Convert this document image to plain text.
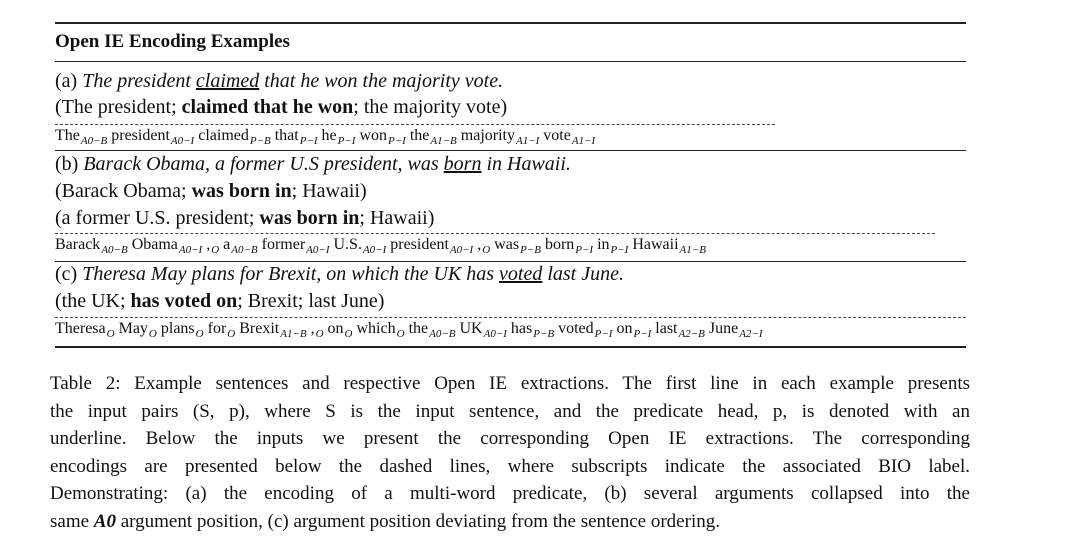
Open IE Encoding Examples
(a) The president claimed that he won the majority vote.
(The president; claimed that he won; the majority vote)
The$_{A0-B}$ president$_{A0-I}$ claimed$_{P-B}$ that$_{P-I}$ $he_{P-I}$ won$_{P-I}$ the$_{A1-B}$ majority$_{A1-I}$ vote$_{A1-I}$
(b) Barack Obama, a former U.S president, was born in Hawaii.
(Barack Obama; was born in; Hawaii)
(a former U.S. president; was born in; Hawaii)
Barack$_{A0-B}$ Obama$_{A0-I}$ $,_O$ $a_{A0-B}$ former$_{A0-I}$ $U.S._{A0-I}$ president$_{A0-I}$ $,_O$ was$_{P-B}$ born$_{P-I}$ $in_{P-I}$ Hawaii$_{A1-B}$
(c) Theresa May plans for Brexit, on which the UK has voted last June.
(the UK; has voted on; Brexit; last June)
Theresa$_O$ May$_O$ plans$_O$ for$_O$ Brexit$_{A1-B}$ $,_O$ $on_O$ which$_O$ the$_{A0-B}$ $UK_{A0-I}$ has$_{P-B}$ voted$_{P-I}$ $on_{P-I}$ last$_{A2-B}$ June$_{A2-I}$
Table 2: Example sentences and respective Open IE extractions. The first line in each example presents
the input pairs (S, p), where S is the input sentence, and the predicate head, p, is denoted with an
underline. Below the inputs we present the corresponding Open IE extractions. The corresponding
encodings are presented below the dashed lines, where subscripts indicate the associated BIO label.
Demonstrating: (a) the encoding of a multi-word predicate, (b) several arguments collapsed into the
same A0 argument position, (c) argument position deviating from the sentence ordering.
